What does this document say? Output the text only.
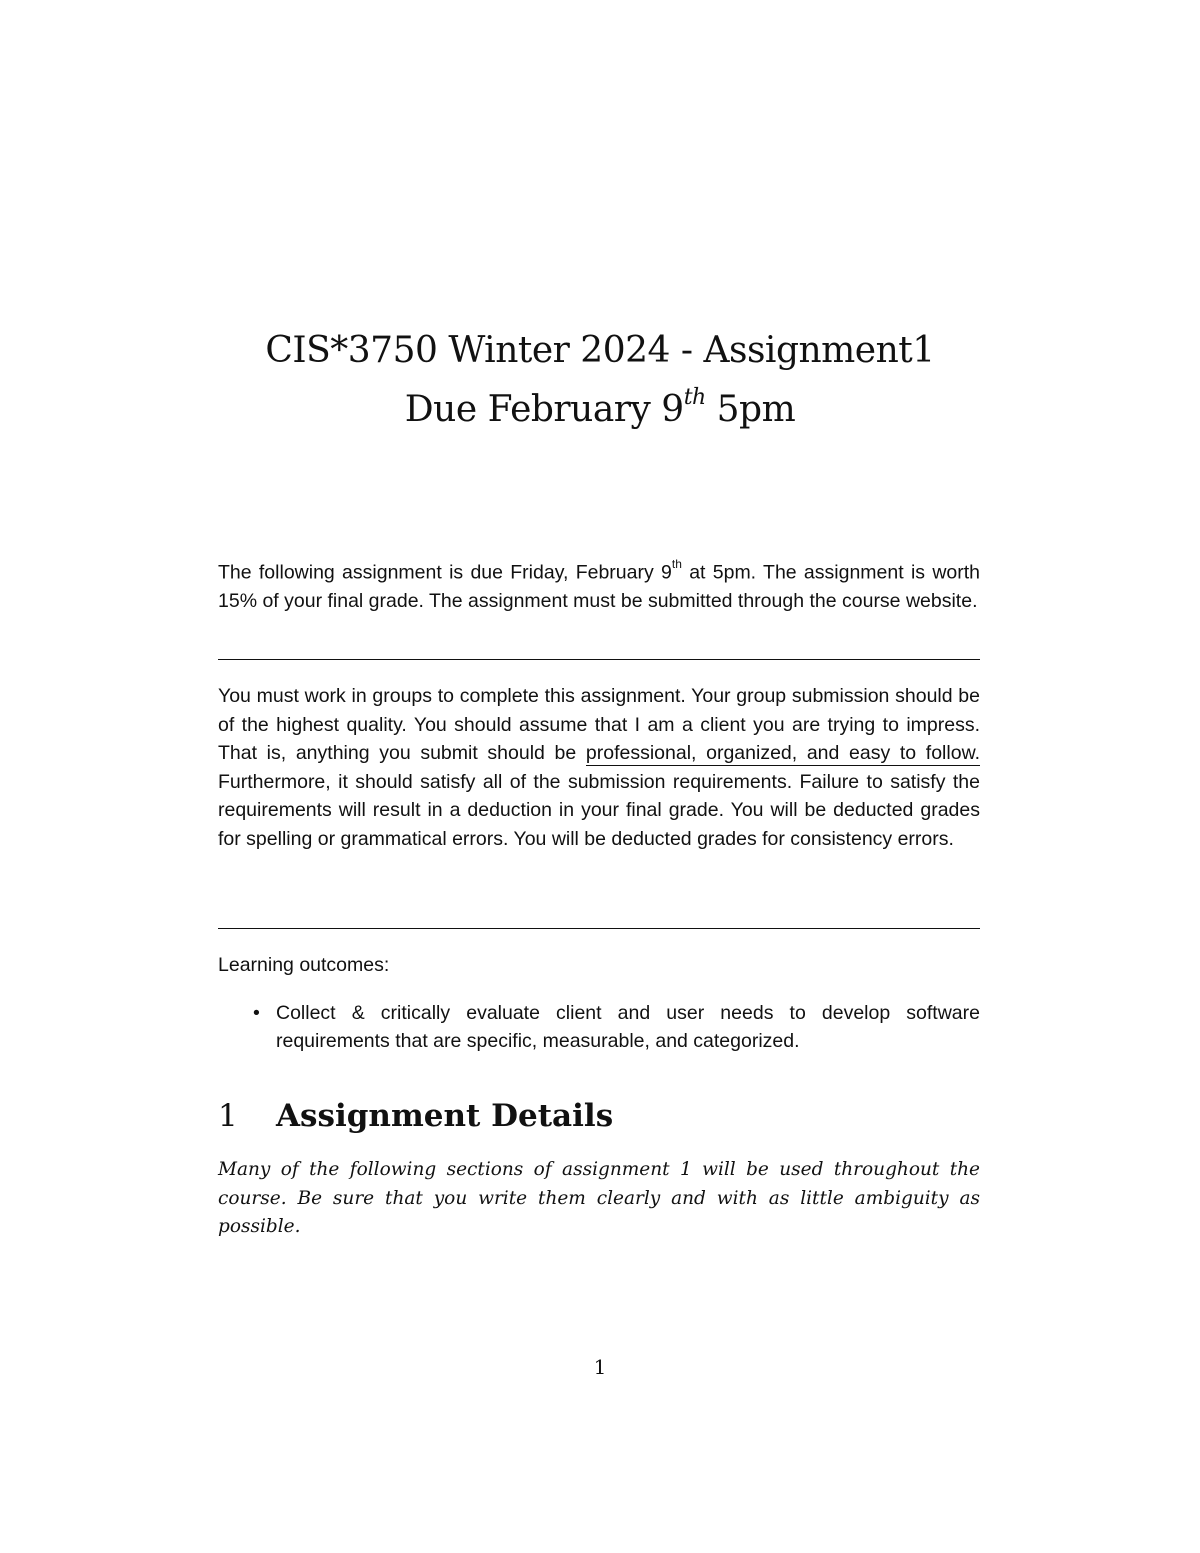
CIS*3750 Winter 2024 - Assignment1
Due February 9th 5pm

The following assignment is due Friday, February 9th at 5pm. The assignment is worth 15% of your final grade. The assignment must be submitted through the course website.

You must work in groups to complete this assignment. Your group submission should be of the highest quality. You should assume that I am a client you are trying to impress. That is, anything you submit should be professional, organized, and easy to follow. Furthermore, it should satisfy all of the submission requirements. Failure to satisfy the requirements will result in a deduction in your final grade. You will be deducted grades for spelling or grammatical errors. You will be deducted grades for consistency errors.

Learning outcomes:

• Collect & critically evaluate client and user needs to develop software requirements that are specific, measurable, and categorized.
1 Assignment Details

Many of the following sections of assignment 1 will be used throughout the course. Be sure that you write them clearly and with as little ambiguity as possible.

1
